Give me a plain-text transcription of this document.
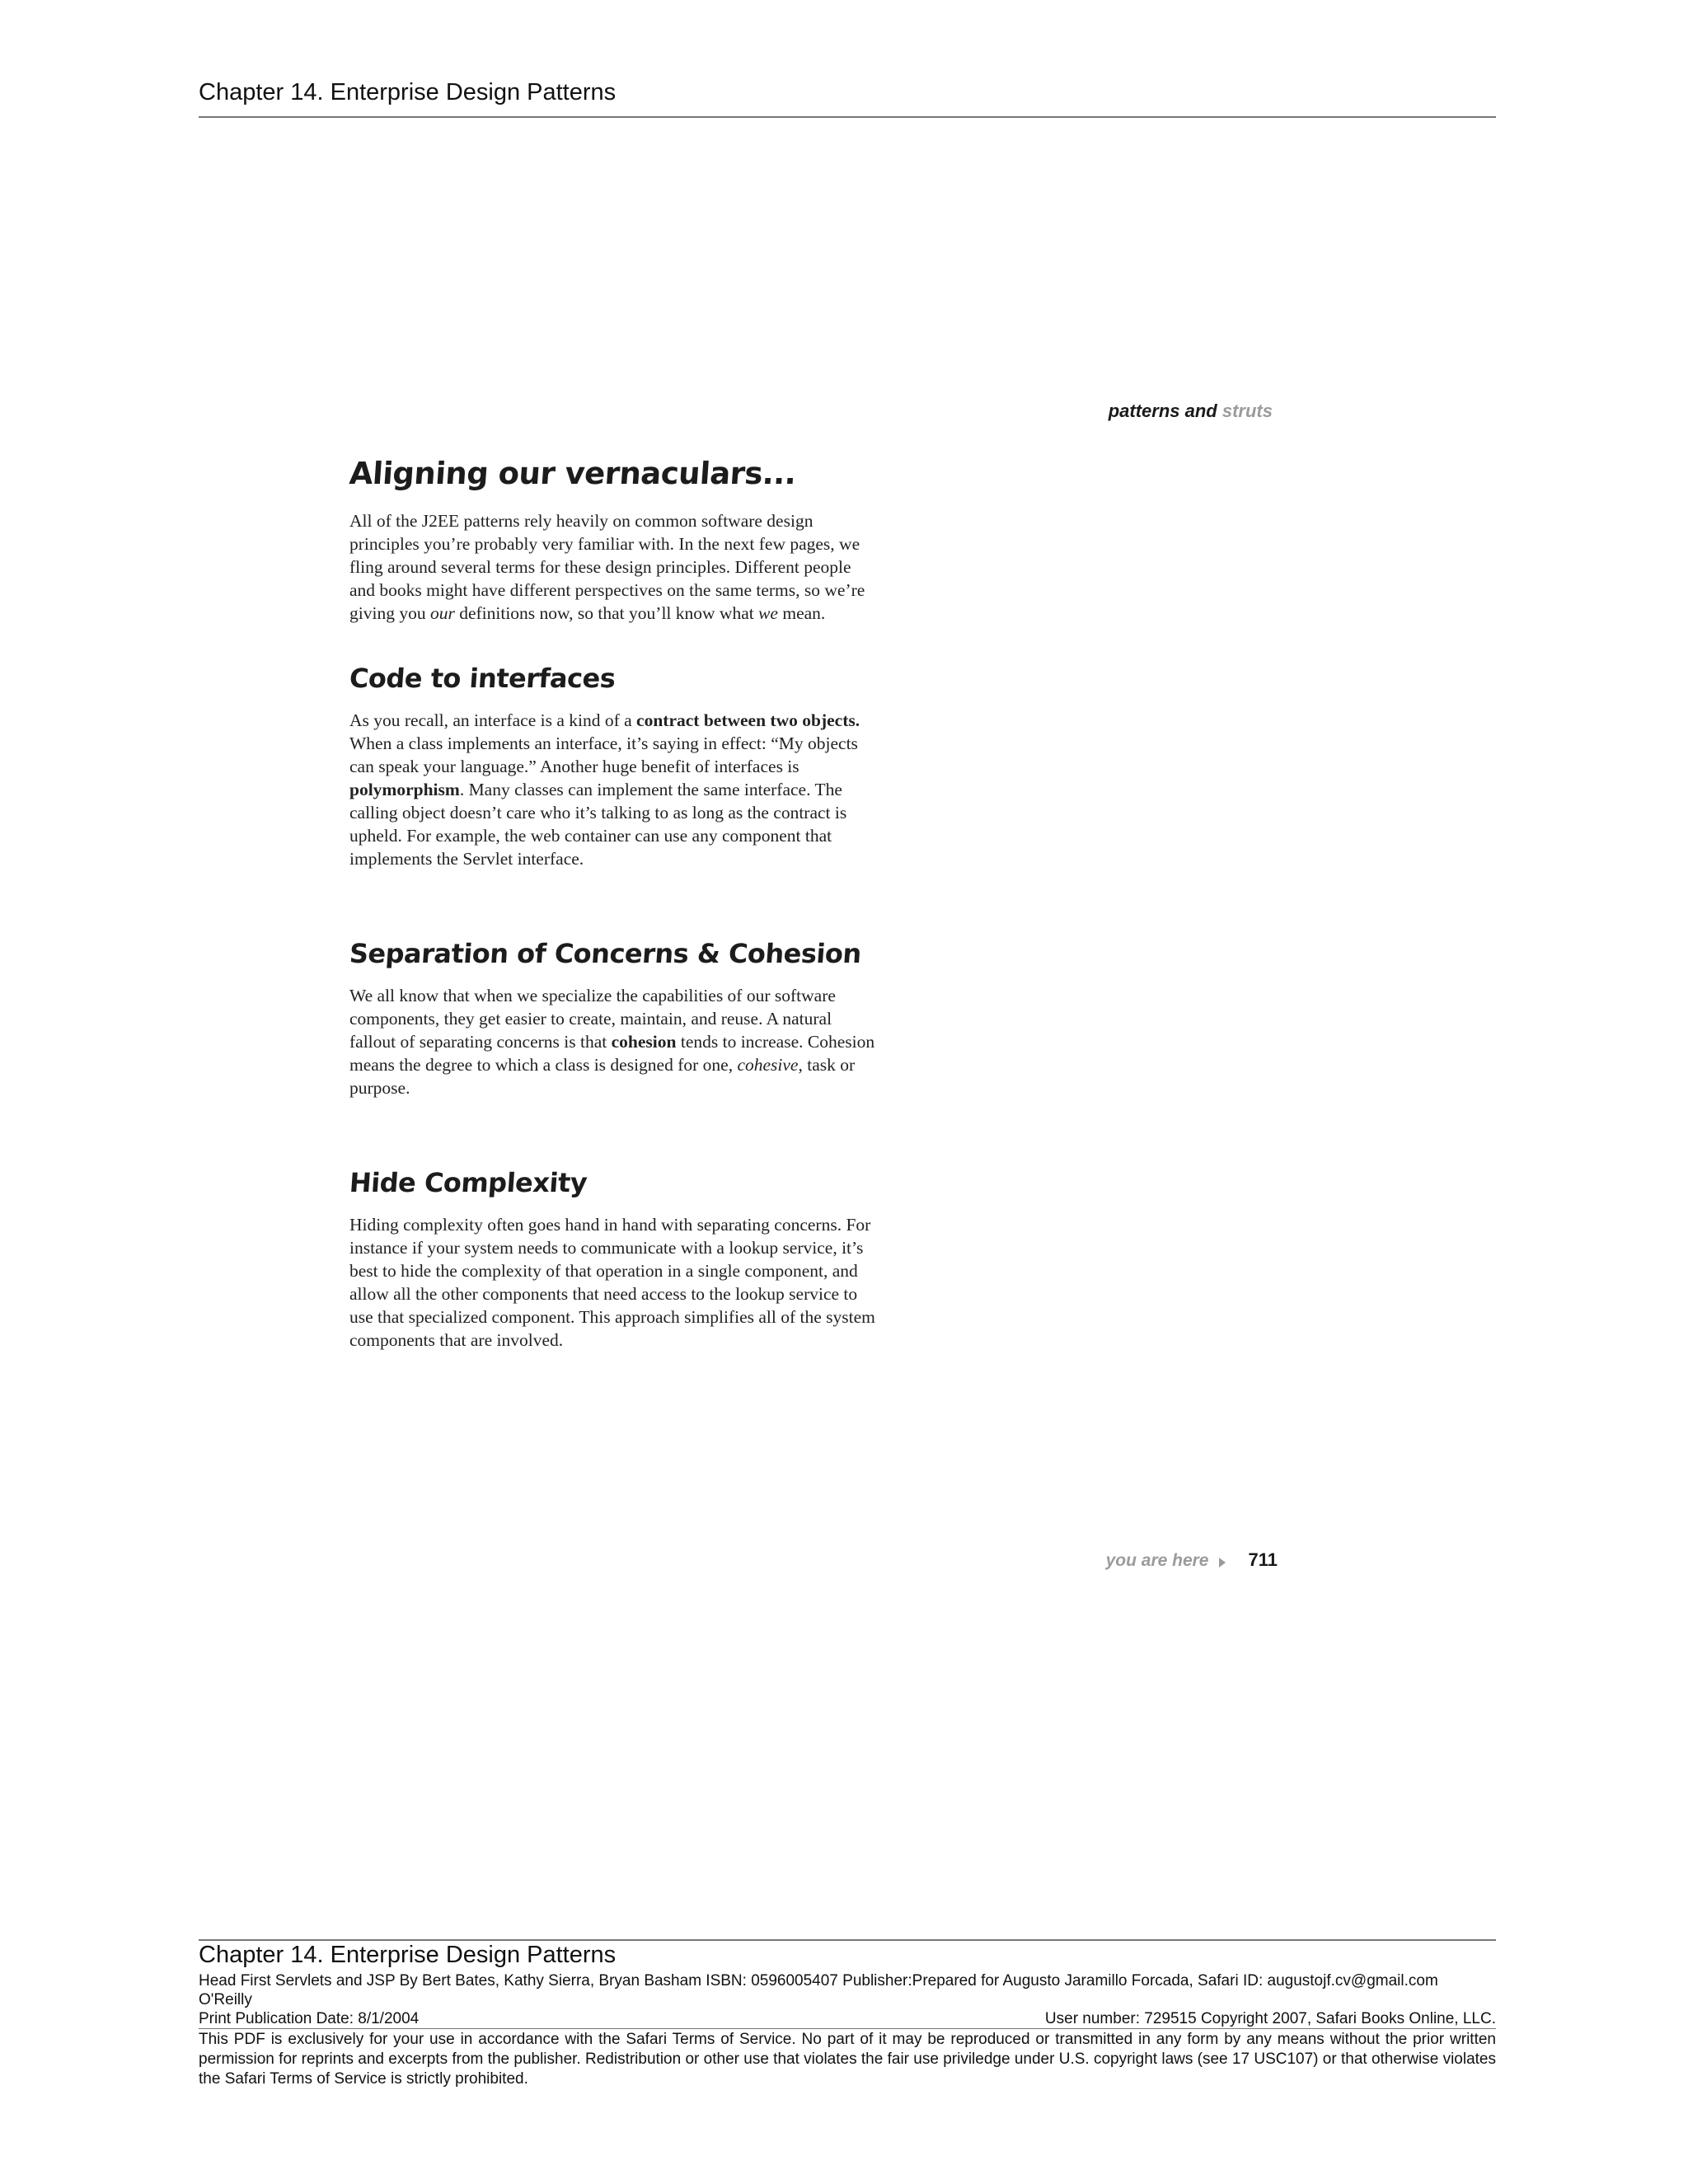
Chapter 14. Enterprise Design Patterns
patterns and struts
Aligning our vernaculars...

All of the J2EE patterns rely heavily on common software design principles you’re probably very familiar with. In the next few pages, we fling around several terms for these design principles. Different people and books might have different perspectives on the same terms, so we’re giving you our definitions now, so that you’ll know what we mean.

Code to interfaces

As you recall, an interface is a kind of a contract between two objects. When a class implements an interface, it’s saying in effect: “My objects can speak your language.” Another huge benefit of interfaces is polymorphism. Many classes can implement the same interface. The calling object doesn’t care who it’s talking to as long as the contract is upheld. For example, the web container can use any component that implements the Servlet interface.

Separation of Concerns & Cohesion

We all know that when we specialize the capabilities of our software components, they get easier to create, maintain, and reuse. A natural fallout of separating concerns is that cohesion tends to increase. Cohesion means the degree to which a class is designed for one, cohesive, task or purpose.

Hide Complexity

Hiding complexity often goes hand in hand with separating concerns. For instance if your system needs to communicate with a lookup service, it’s best to hide the complexity of that operation in a single component, and allow all the other components that need access to the lookup service to use that specialized component. This approach simplifies all of the system components that are involved.

you are here 711
Chapter 14. Enterprise Design Patterns
Head First Servlets and JSP By Bert Bates, Kathy Sierra, Bryan Basham ISBN: 0596005407 Publisher:Prepared for Augusto Jaramillo Forcada, Safari ID: augustojf.cv@gmail.com
O'Reilly
Print Publication Date: 8/1/2004	User number: 729515 Copyright 2007, Safari Books Online, LLC.
This PDF is exclusively for your use in accordance with the Safari Terms of Service. No part of it may be reproduced or transmitted in any form by any means without the prior written permission for reprints and excerpts from the publisher. Redistribution or other use that violates the fair use priviledge under U.S. copyright laws (see 17 USC107) or that otherwise violates the Safari Terms of Service is strictly prohibited.
